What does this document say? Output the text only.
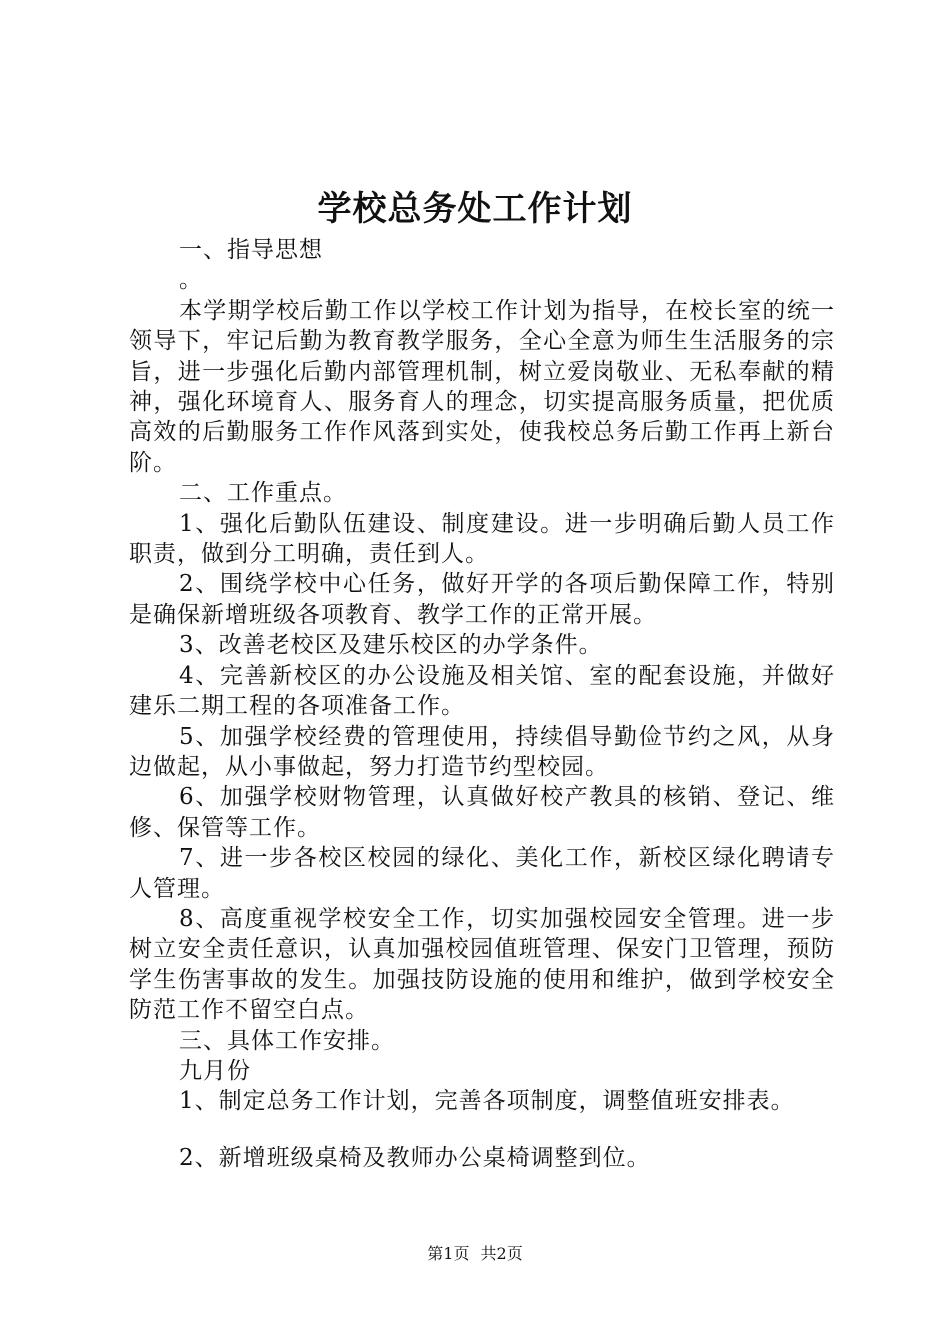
学校总务处工作计划

一、指导思想

。

本学期学校后勤工作以学校工作计划为指导，在校长室的统一领导下，牢记后勤为教育教学服务，全心全意为师生生活服务的宗旨，进一步强化后勤内部管理机制，树立爱岗敬业、无私奉献的精神，强化环境育人、服务育人的理念，切实提高服务质量，把优质高效的后勤服务工作作风落到实处，使我校总务后勤工作再上新台阶。

二、工作重点。

1、强化后勤队伍建设、制度建设。进一步明确后勤人员工作职责，做到分工明确，责任到人。

2、围绕学校中心任务，做好开学的各项后勤保障工作，特别是确保新增班级各项教育、教学工作的正常开展。

3、改善老校区及建乐校区的办学条件。

4、完善新校区的办公设施及相关馆、室的配套设施，并做好建乐二期工程的各项准备工作。

5、加强学校经费的管理使用，持续倡导勤俭节约之风，从身边做起，从小事做起，努力打造节约型校园。

6、加强学校财物管理，认真做好校产教具的核销、登记、维修、保管等工作。

7、进一步各校区校园的绿化、美化工作，新校区绿化聘请专人管理。

8、高度重视学校安全工作，切实加强校园安全管理。进一步树立安全责任意识，认真加强校园值班管理、保安门卫管理，预防学生伤害事故的发生。加强技防设施的使用和维护，做到学校安全防范工作不留空白点。

三、具体工作安排。

九月份

1、制定总务工作计划，完善各项制度，调整值班安排表。

2、新增班级桌椅及教师办公桌椅调整到位。

第1页 共2页
